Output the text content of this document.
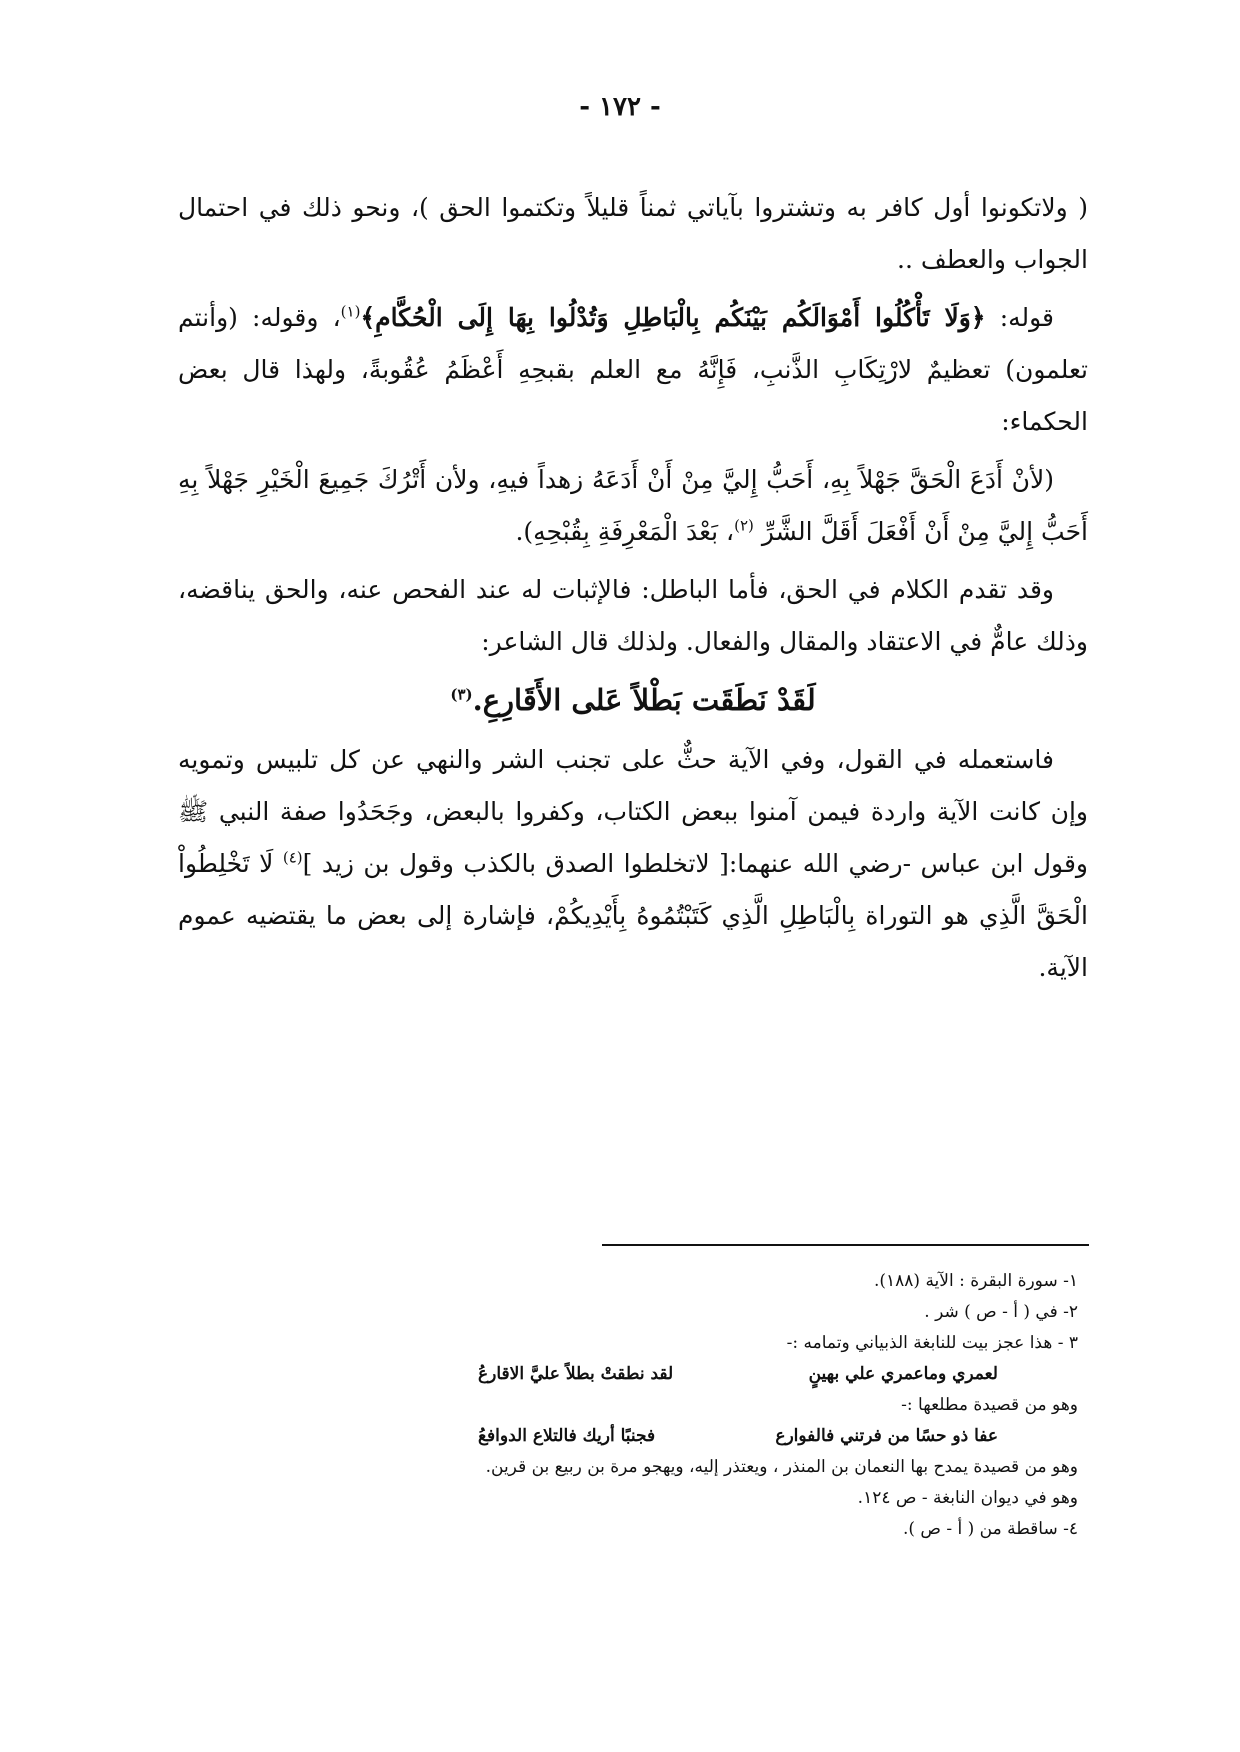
- ١٧٢ -

( ولاتكونوا أول كافر به وتشتروا بآياتي ثمناً قليلاً وتكتموا الحق )، ونحو ذلك في احتمال الجواب والعطف ..

قوله: ﴿وَلَا تَأْكُلُوا أَمْوَالَكُم بَيْنَكُم بِالْبَاطِلِ وَتُدْلُوا بِهَا إِلَى الْحُكَّامِ﴾$^{(١)}$، وقوله: (وأنتم تعلمون) تعظيمٌ لارْتِكَابِ الذَّنبِ، فَإِنَّهُ مع العلم بقبحِهِ أَعْظَمُ عُقُوبةً، ولهذا قال بعض الحكماء:

(لأنْ أَدَعَ الْحَقَّ جَهْلاً بِهِ، أَحَبُّ إِليَّ مِنْ أَنْ أَدَعَهُ زهداً فيهِ، ولأن أَتْرُكَ جَمِيعَ الْخَيْرِ جَهْلاً بِهِ أَحَبُّ إِليَّ مِنْ أَنْ أَفْعَلَ أَقَلَّ الشَّرِّ $^{(٢)}$، بَعْدَ الْمَعْرِفَةِ بِقُبْحِهِ).

وقد تقدم الكلام في الحق، فأما الباطل: فالإثبات له عند الفحص عنه، والحق يناقضه، وذلك عامٌّ في الاعتقاد والمقال والفعال. ولذلك قال الشاعر:

لَقَدْ نَطَقَت بَطْلاً عَلى الأَقَارِعِ.$^{(٣)}$

فاستعمله في القول، وفي الآية حثٌّ على تجنب الشر والنهي عن كل تلبيس وتمويه وإن كانت الآية واردة فيمن آمنوا ببعض الكتاب، وكفروا بالبعض، وجَحَدُوا صفة النبي ﷺ وقول ابن عباس -رضي الله عنهما:[ لاتخلطوا الصدق بالكذب وقول بن زيد ]$^{(٤)}$ لَا تَخْلِطُواْ الْحَقَّ الَّذِي هو التوراة بِالْبَاطِلِ الَّذِي كَتَبْتُمُوهُ بِأَيْدِيكُمْ، فإشارة إلى بعض ما يقتضيه عموم الآية.

١- سورة البقرة : الآية (١٨٨).
٢- في ( أ - ص ) شر .
٣ - هذا عجز بيت للنابغة الذبياني وتمامه :-
لعمري وماعمري علي بهينٍ
لقد نطقتْ بطلاً عليَّ الاقارعُ
وهو من قصيدة مطلعها :-
عفا ذو حسًا من فرتني فالفوارع
فجنبًا أريك فالتلاع الدوافعُ
وهو من قصيدة يمدح بها النعمان بن المنذر ، ويعتذر إليه، ويهجو مرة بن ربيع بن قرين.
وهو في ديوان النابغة - ص ١٢٤.
٤- ساقطة من ( أ - ص ).
